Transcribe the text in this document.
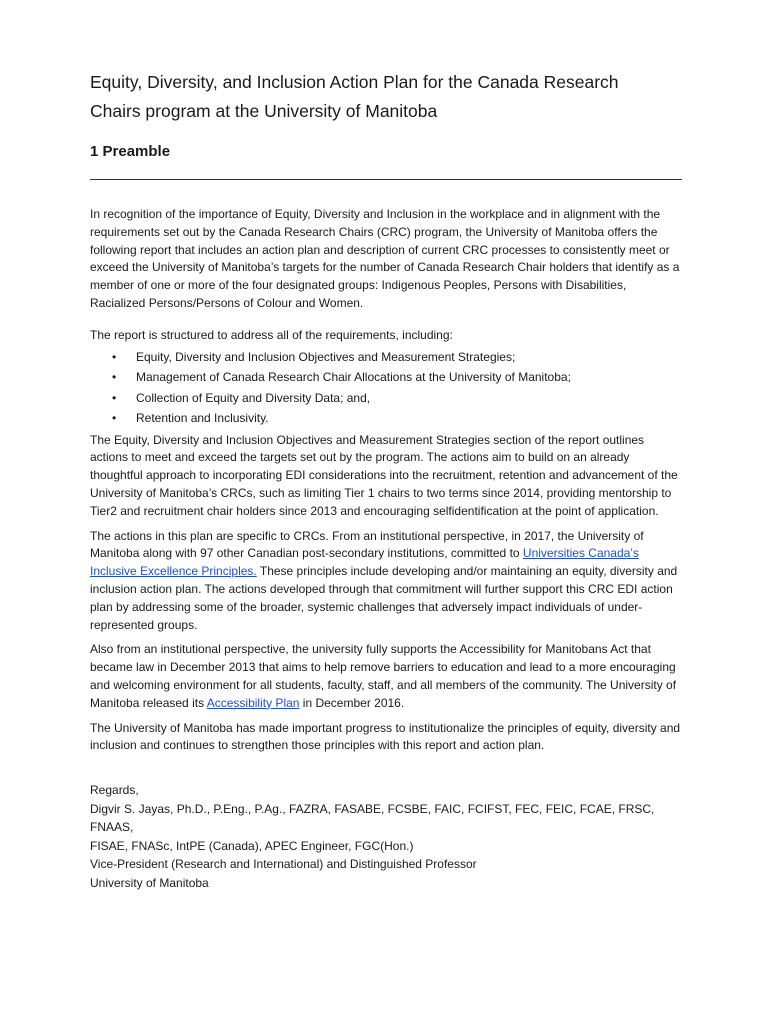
Equity, Diversity, and Inclusion Action Plan for the Canada Research
Chairs program at the University of Manitoba
1 Preamble

In recognition of the importance of Equity, Diversity and Inclusion in the workplace and in alignment with the requirements set out by the Canada Research Chairs (CRC) program, the University of Manitoba offers the following report that includes an action plan and description of current CRC processes to consistently meet or exceed the University of Manitoba’s targets for the number of Canada Research Chair holders that identify as a member of one or more of the four designated groups: Indigenous Peoples, Persons with Disabilities, Racialized Persons/Persons of Colour and Women.

The report is structured to address all of the requirements, including:

• Equity, Diversity and Inclusion Objectives and Measurement Strategies;
• Management of Canada Research Chair Allocations at the University of Manitoba;
• Collection of Equity and Diversity Data; and,
• Retention and Inclusivity.

The Equity, Diversity and Inclusion Objectives and Measurement Strategies section of the report outlines actions to meet and exceed the targets set out by the program. The actions aim to build on an already thoughtful approach to incorporating EDI considerations into the recruitment, retention and advancement of the University of Manitoba’s CRCs, such as limiting Tier 1 chairs to two terms since 2014, providing mentorship to Tier2 and recruitment chair holders since 2013 and encouraging selfidentification at the point of application.

The actions in this plan are specific to CRCs. From an institutional perspective, in 2017, the University of Manitoba along with 97 other Canadian post-secondary institutions, committed to Universities Canada’s Inclusive Excellence Principles. These principles include developing and/or maintaining an equity, diversity and inclusion action plan. The actions developed through that commitment will further support this CRC EDI action plan by addressing some of the broader, systemic challenges that adversely impact individuals of under-represented groups.

Also from an institutional perspective, the university fully supports the Accessibility for Manitobans Act that became law in December 2013 that aims to help remove barriers to education and lead to a more encouraging and welcoming environment for all students, faculty, staff, and all members of the community. The University of Manitoba released its Accessibility Plan in December 2016.

The University of Manitoba has made important progress to institutionalize the principles of equity, diversity and inclusion and continues to strengthen those principles with this report and action plan.

Regards,
Digvir S. Jayas, Ph.D., P.Eng., P.Ag., FAZRA, FASABE, FCSBE, FAIC, FCIFST, FEC, FEIC, FCAE, FRSC, FNAAS,
FISAE, FNASc, IntPE (Canada), APEC Engineer, FGC(Hon.)
Vice-President (Research and International) and Distinguished Professor
University of Manitoba
